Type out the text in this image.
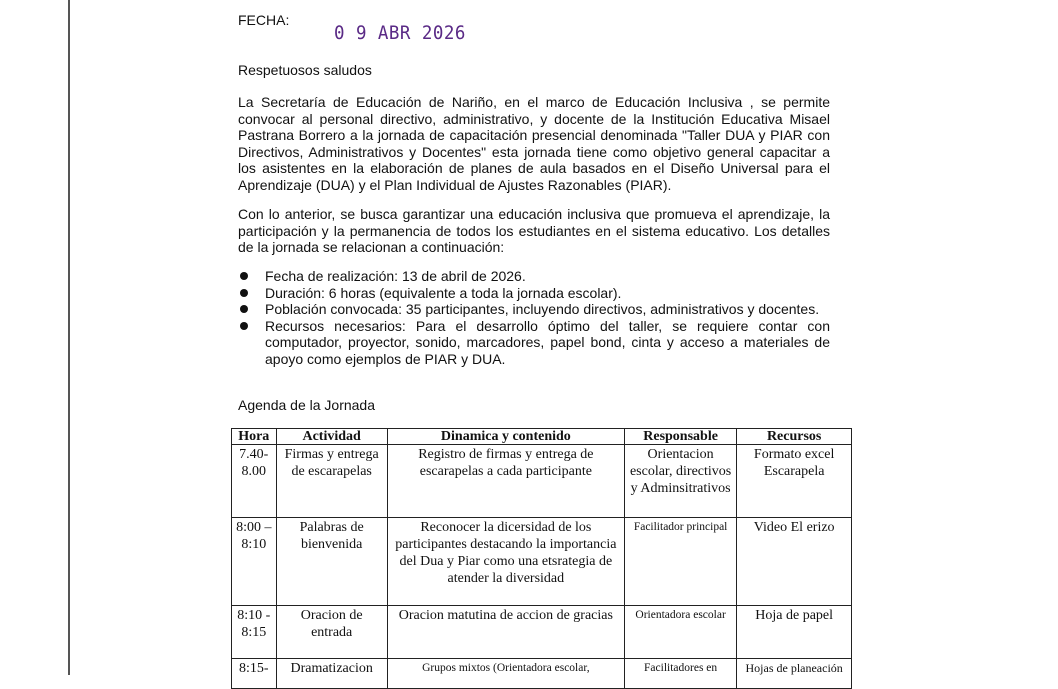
FECHA:
0 9 ABR 2026
Respetuosos saludos

La Secretaría de Educación de Nariño, en el marco de Educación Inclusiva , se permite convocar al personal directivo, administrativo, y docente de la Institución Educativa Misael Pastrana Borrero a la jornada de capacitación presencial denominada "Taller DUA y PIAR con Directivos, Administrativos y Docentes" esta jornada tiene como objetivo general capacitar a los asistentes en la elaboración de planes de aula basados en el Diseño Universal para el Aprendizaje (DUA) y el Plan Individual de Ajustes Razonables (PIAR).

Con lo anterior, se busca garantizar una educación inclusiva que promueva el aprendizaje, la participación y la permanencia de todos los estudiantes en el sistema educativo. Los detalles de la jornada se relacionan a continuación:

Fecha de realización: 13 de abril de 2026.
Duración: 6 horas (equivalente a toda la jornada escolar).
Población convocada: 35 participantes, incluyendo directivos, administrativos y docentes.
Recursos necesarios: Para el desarrollo óptimo del taller, se requiere contar con computador, proyector, sonido, marcadores, papel bond, cinta y acceso a materiales de apoyo como ejemplos de PIAR y DUA.
Agenda de la Jornada
Hora	Actividad	Dinamica y contenido	Responsable	Recursos
7.40-
8.00	Firmas y entrega de escarapelas	Registro de firmas y entrega de escarapelas a cada participante	Orientacion escolar, directivos y Adminsitrativos	Formato excel Escarapela
8:00 –
8:10	Palabras de bienvenida	Reconocer la dicersidad de los participantes destacando la importancia del Dua y Piar como una etsrategia de atender la diversidad	Facilitador principal	Video El erizo
8:10 -
8:15	Oracion de entrada	Oracion matutina de accion de gracias	Orientadora escolar	Hoja de papel
8:15-	Dramatizacion	Grupos mixtos (Orientadora escolar,	Facilitadores en	Hojas de planeación
